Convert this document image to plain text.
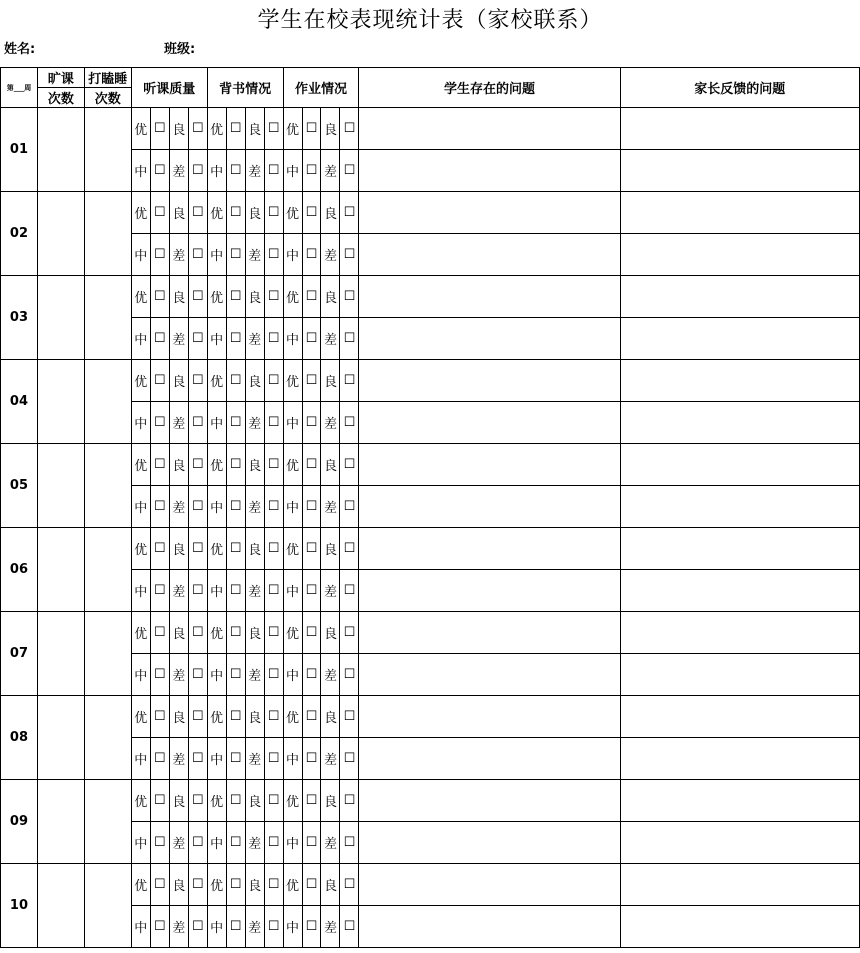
学生在校表现统计表（家校联系）
姓名:	班级:
第___周	旷课	打瞌睡	听课质量				背书情况				作业情况				学生存在的问题	家长反馈的问题
	次数	次数														
01			优	☐	良	☐	优	☐	良	☐	优	☐	良	☐		
			中	☐	差	☐	中	☐	差	☐	中	☐	差	☐		
02			优	☐	良	☐	优	☐	良	☐	优	☐	良	☐		
			中	☐	差	☐	中	☐	差	☐	中	☐	差	☐		
03			优	☐	良	☐	优	☐	良	☐	优	☐	良	☐		
			中	☐	差	☐	中	☐	差	☐	中	☐	差	☐		
04			优	☐	良	☐	优	☐	良	☐	优	☐	良	☐		
			中	☐	差	☐	中	☐	差	☐	中	☐	差	☐		
05			优	☐	良	☐	优	☐	良	☐	优	☐	良	☐		
			中	☐	差	☐	中	☐	差	☐	中	☐	差	☐		
06			优	☐	良	☐	优	☐	良	☐	优	☐	良	☐		
			中	☐	差	☐	中	☐	差	☐	中	☐	差	☐		
07			优	☐	良	☐	优	☐	良	☐	优	☐	良	☐		
			中	☐	差	☐	中	☐	差	☐	中	☐	差	☐		
08			优	☐	良	☐	优	☐	良	☐	优	☐	良	☐		
			中	☐	差	☐	中	☐	差	☐	中	☐	差	☐		
09			优	☐	良	☐	优	☐	良	☐	优	☐	良	☐		
			中	☐	差	☐	中	☐	差	☐	中	☐	差	☐		
10			优	☐	良	☐	优	☐	良	☐	优	☐	良	☐		
			中	☐	差	☐	中	☐	差	☐	中	☐	差	☐		
